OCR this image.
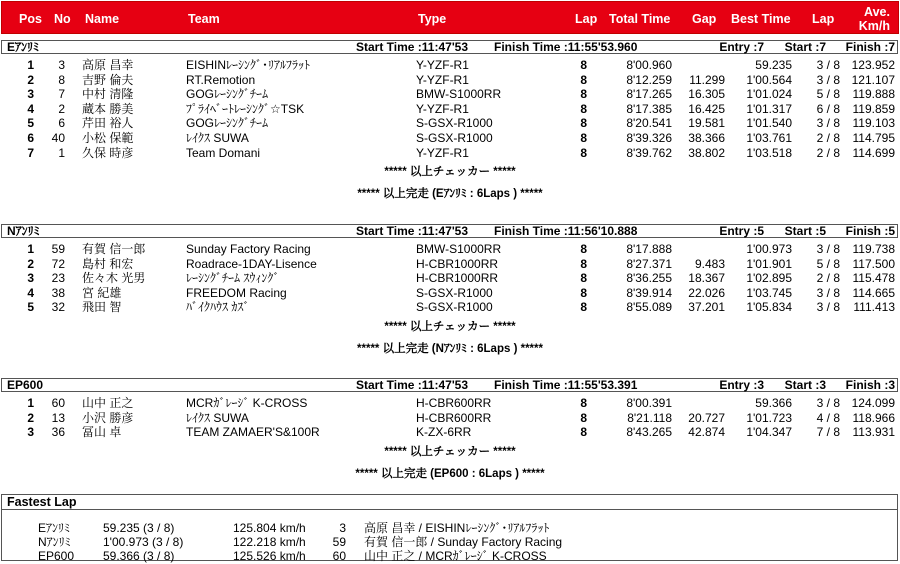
Pos No Name	Team	Type	Lap Total Time Gap Best Time Lap	Ave.
Km/h
Eｱﾝﾘﾐ	Start Time :11:47'53 Finish Time :11:55'53.960	Entry :7 Start :7 Finish :7
1 3 高原 昌幸	EISHINﾚｰｼﾝｸﾞ･ﾘｱﾙﾌﾗｯﾄ	Y-YZF-R1	8	8'00.960	59.235 3 / 8 123.952
2 8 吉野 倫夫	RT.Remotion	Y-YZF-R1	8	8'12.259 11.299 1'00.564 3 / 8 121.107
3 7 中村 清隆	GOGﾚｰｼﾝｸﾞﾁｰﾑ	BMW-S1000RR	8	8'17.265 16.305 1'01.024 5 / 8 119.888
4 2 蔵本 勝美	ﾌﾟﾗｲﾍﾞｰﾄﾚｰｼﾝｸﾞ☆TSK	Y-YZF-R1	8	8'17.385 16.425 1'01.317 6 / 8 119.859
5 6 芹田 裕人	GOGﾚｰｼﾝｸﾞﾁｰﾑ	S-GSX-R1000	8	8'20.541 19.581 1'01.540 3 / 8 119.103
6 40 小松 保範	ﾚｲｸｽ SUWA	S-GSX-R1000	8	8'39.326 38.366 1'03.761 2 / 8 114.795
7 1 久保 時彦	Team Domani	Y-YZF-R1	8	8'39.762 38.802 1'03.518 2 / 8 114.699
***** 以上チェッカー *****
***** 以上完走 (Eｱﾝﾘﾐ : 6Laps ) *****
Nｱﾝﾘﾐ	Start Time :11:47'53 Finish Time :11:56'10.888	Entry :5 Start :5 Finish :5
1 59 有賀 信一郎	Sunday Factory Racing	BMW-S1000RR	8	8'17.888	1'00.973 3 / 8 119.738
2 72 島村 和宏	Roadrace-1DAY-Lisence	H-CBR1000RR	8	8'27.371 9.483 1'01.901 5 / 8 117.500
3 23 佐々木 光男	ﾚｰｼﾝｸﾞﾁｰﾑ ｽｳｨﾝｸﾞ	H-CBR1000RR	8	8'36.255 18.367 1'02.895 2 / 8 115.478
4 38 宮 紀雄	FREEDOM Racing	S-GSX-R1000	8	8'39.914 22.026 1'03.745 3 / 8 114.665
5 32 飛田 智	ﾊﾞｲｸﾊｳｽ ｶｽﾞ	S-GSX-R1000	8	8'55.089 37.201 1'05.834 3 / 8 111.413
***** 以上チェッカー *****
***** 以上完走 (Nｱﾝﾘﾐ : 6Laps ) *****
EP600	Start Time :11:47'53 Finish Time :11:55'53.391	Entry :3 Start :3 Finish :3
1 60 山中 正之	MCRｶﾞﾚｰｼﾞ K-CROSS	H-CBR600RR	8	8'00.391	59.366 3 / 8 124.099
2 13 小沢 勝彦	ﾚｲｸｽ SUWA	H-CBR600RR	8	8'21.118 20.727 1'01.723 4 / 8 118.966
3 36 冨山 卓	TEAM ZAMAER'S&100R	K-ZX-6RR	8	8'43.265 42.874 1'04.347 7 / 8 113.931
***** 以上チェッカー *****
***** 以上完走 (EP600 : 6Laps ) *****
Fastest Lap
Eｱﾝﾘﾐ	59.235 (3 / 8)	125.804 km/h	3 高原 昌幸 / EISHINﾚｰｼﾝｸﾞ･ﾘｱﾙﾌﾗｯﾄ
Nｱﾝﾘﾐ	1'00.973 (3 / 8)	122.218 km/h 59 有賀 信一郎 / Sunday Factory Racing
EP600 59.366 (3 / 8)	125.526 km/h 60 山中 正之 / MCRｶﾞﾚｰｼﾞ K-CROSS
